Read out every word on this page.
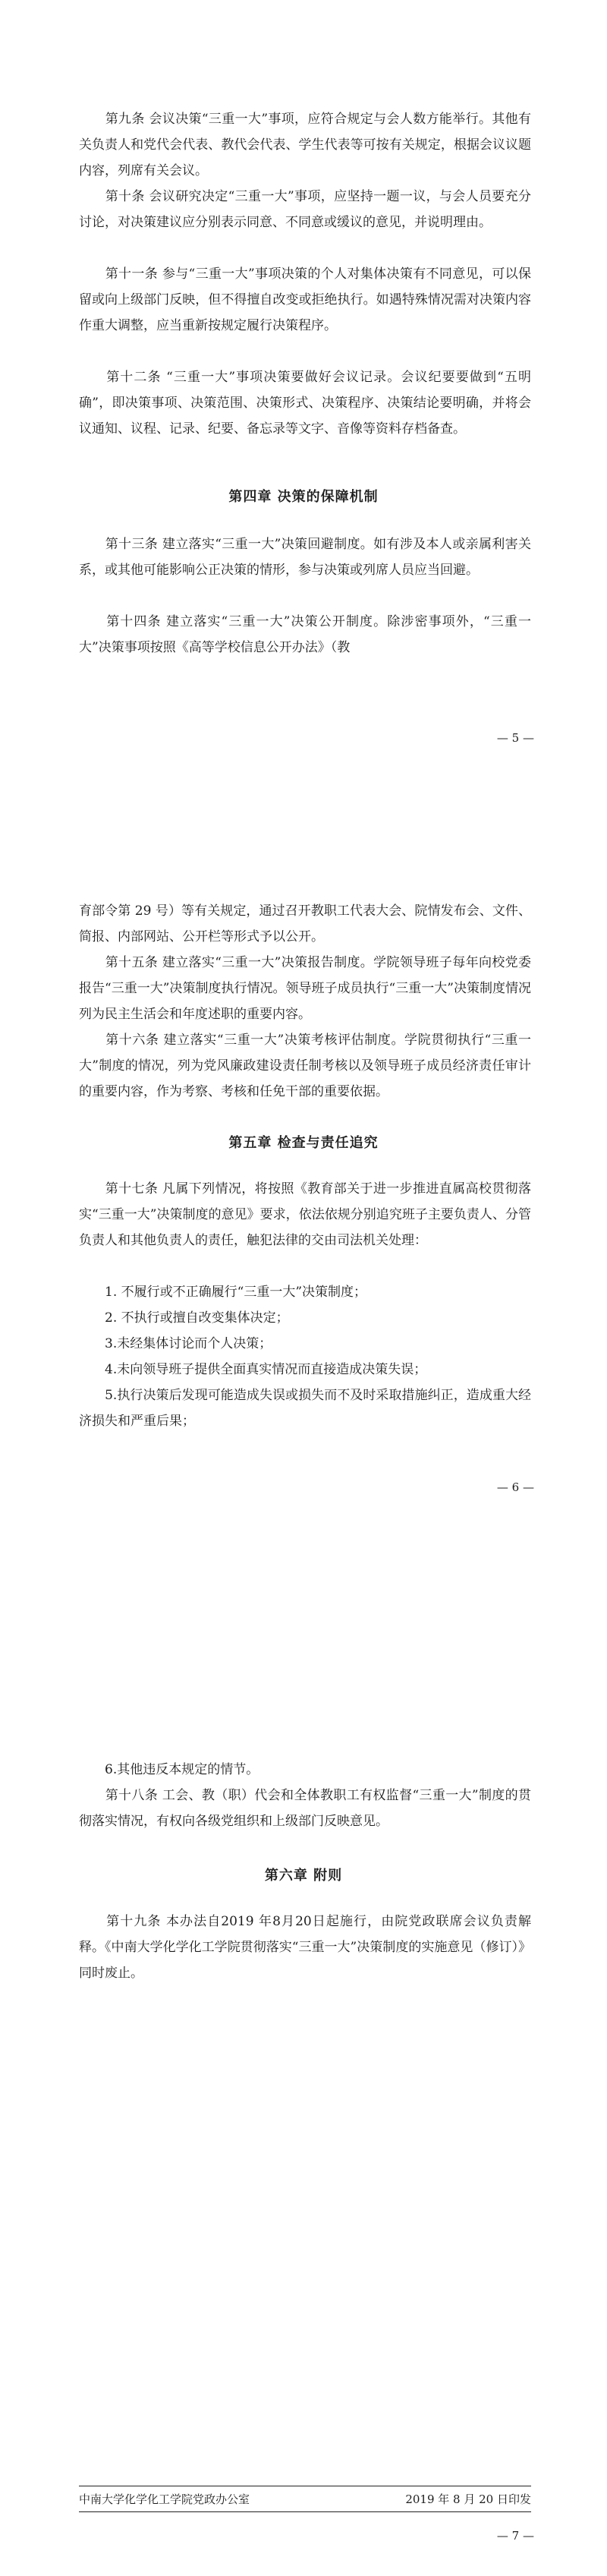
　　第九条 会议决策“三重一大”事项，应符合规定与会人数方能举行。其他有关负责人和党代会代表、教代会代表、学生代表等可按有关规定，根据会议议题内容，列席有关会议。

　　第十条 会议研究决定“三重一大”事项，应坚持一题一议，与会人员要充分讨论，对决策建议应分别表示同意、不同意或缓议的意见，并说明理由。

　　第十一条 参与“三重一大”事项决策的个人对集体决策有不同意见，可以保留或向上级部门反映，但不得擅自改变或拒绝执行。如遇特殊情况需对决策内容作重大调整，应当重新按规定履行决策程序。

　　第十二条 “三重一大”事项决策要做好会议记录。会议纪要要做到“五明确”，即决策事项、决策范围、决策形式、决策程序、决策结论要明确，并将会议通知、议程、记录、纪要、备忘录等文字、音像等资料存档备查。

第四章 决策的保障机制

　　第十三条 建立落实“三重一大”决策回避制度。如有涉及本人或亲属利害关系，或其他可能影响公正决策的情形，参与决策或列席人员应当回避。

　　第十四条 建立落实“三重一大”决策公开制度。除涉密事项外，“三重一大”决策事项按照《高等学校信息公开办法》（教

— 5 —

育部令第 29 号）等有关规定，通过召开教职工代表大会、院情发布会、文件、简报、内部网站、公开栏等形式予以公开。

　　第十五条 建立落实“三重一大”决策报告制度。学院领导班子每年向校党委报告“三重一大”决策制度执行情况。领导班子成员执行“三重一大”决策制度情况列为民主生活会和年度述职的重要内容。

　　第十六条 建立落实“三重一大”决策考核评估制度。学院贯彻执行“三重一大”制度的情况，列为党风廉政建设责任制考核以及领导班子成员经济责任审计的重要内容，作为考察、考核和任免干部的重要依据。

第五章 检查与责任追究

　　第十七条 凡属下列情况，将按照《教育部关于进一步推进直属高校贯彻落实“三重一大”决策制度的意见》要求，依法依规分别追究班子主要负责人、分管负责人和其他负责人的责任，触犯法律的交由司法机关处理：

　　1. 不履行或不正确履行“三重一大”决策制度；

　　2. 不执行或擅自改变集体决定；

　　3.未经集体讨论而个人决策；

　　4.未向领导班子提供全面真实情况而直接造成决策失误；

　　5.执行决策后发现可能造成失误或损失而不及时采取措施纠正，造成重大经济损失和严重后果；

— 6 —

　　6.其他违反本规定的情节。

　　第十八条 工会、教（职）代会和全体教职工有权监督“三重一大”制度的贯彻落实情况，有权向各级党组织和上级部门反映意见。

第六章 附则

　　第十九条 本办法自2019 年8月20日起施行，由院党政联席会议负责解释。《中南大学化学化工学院贯彻落实“三重一大”决策制度的实施意见（修订）》同时废止。

中南大学化学化工学院党政办公室	2019 年 8 月 20 日印发
— 7 —
